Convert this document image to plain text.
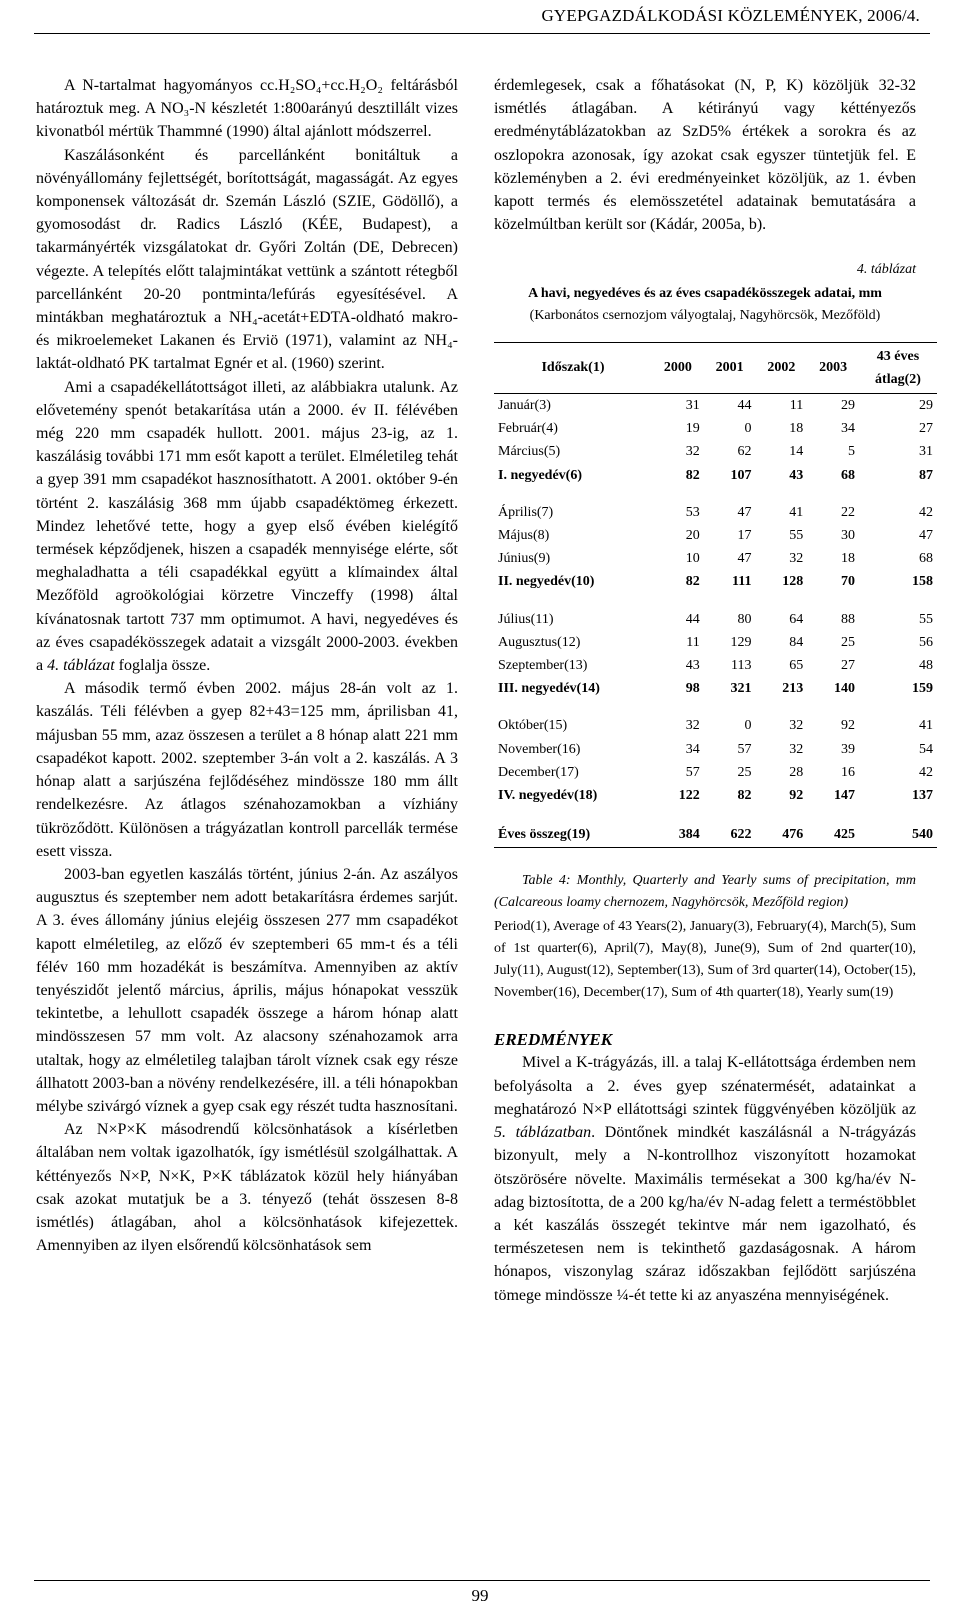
GYEPGAZDÁLKODÁSI KÖZLEMÉNYEK, 2006/4.

A N-tartalmat hagyományos cc.H₂SO₄+cc.H₂O₂ feltárásból határoztuk meg. A NO₃-N készletét 1:800arányú desztillált vizes kivonatból mértük Thammné (1990) által ajánlott módszerrel.

Kaszálásonként és parcellánként bonitáltuk a növényállomány fejlettségét, borítottságát, magasságát. Az egyes komponensek változását dr. Szemán László (SZIE, Gödöllő), a gyomosodást dr. Radics László (KÉE, Budapest), a takarmányérték vizsgálatokat dr. Győri Zoltán (DE, Debrecen) végezte. A telepítés előtt talajmintákat vettünk a szántott rétegből parcellánként 20-20 pontminta/lefúrás egyesítésével. A mintákban meghatároztuk a NH₄-acetát+EDTA-oldható makro- és mikroelemeket Lakanen és Erviö (1971), valamint az NH₄-laktát-oldható PK tartalmat Egnér et al. (1960) szerint.

Ami a csapadékellátottságot illeti, az alábbiakra utalunk. Az elővetemény spenót betakarítása után a 2000. év II. félévében még 220 mm csapadék hullott. 2001. május 23-ig, az 1. kaszálásig további 171 mm esőt kapott a terület. Elméletileg tehát a gyep 391 mm csapadékot hasznosíthatott. A 2001. október 9-én történt 2. kaszálásig 368 mm újabb csapadéktömeg érkezett. Mindez lehetővé tette, hogy a gyep első évében kielégítő termések képződjenek, hiszen a csapadék mennyisége elérte, sőt meghaladhatta a téli csapadékkal együtt a klímaindex által Mezőföld agroökológiai körzetre Vinczeffy (1998) által kívánatosnak tartott 737 mm optimumot. A havi, negyedéves és az éves csapadékösszegek adatait a vizsgált 2000-2003. években a 4. táblázat foglalja össze.

A második termő évben 2002. május 28-án volt az 1. kaszálás. Téli félévben a gyep 82+43=125 mm, áprilisban 41, májusban 55 mm, azaz összesen a terület a 8 hónap alatt 221 mm csapadékot kapott. 2002. szeptember 3-án volt a 2. kaszálás. A 3 hónap alatt a sarjúszéna fejlődéséhez mindössze 180 mm állt rendelkezésre. Az átlagos szénahozamokban a vízhiány tükröződött. Különösen a trágyázatlan kontroll parcellák termése esett vissza.

2003-ban egyetlen kaszálás történt, június 2-án. Az aszályos augusztus és szeptember nem adott betakarításra érdemes sarjút. A 3. éves állomány június elejéig összesen 277 mm csapadékot kapott elméletileg, az előző év szeptemberi 65 mm-t és a téli félév 160 mm hozadékát is beszámítva. Amennyiben az aktív tenyészidőt jelentő március, április, május hónapokat vesszük tekintetbe, a lehullott csapadék összege a három hónap alatt mindösszesen 57 mm volt. Az alacsony szénahozamok arra utaltak, hogy az elméletileg talajban tárolt víznek csak egy része állhatott 2003-ban a növény rendelkezésére, ill. a téli hónapokban mélybe szivárgó víznek a gyep csak egy részét tudta hasznosítani.

Az N×P×K másodrendű kölcsönhatások a kísérletben általában nem voltak igazolhatók, így ismétlésül szolgálhattak. A kéttényezős N×P, N×K, P×K táblázatok közül hely hiányában csak azokat mutatjuk be a 3. tényező (tehát összesen 8-8 ismétlés) átlagában, ahol a kölcsönhatások kifejezettek. Amennyiben az ilyen elsőrendű kölcsönhatások sem

érdemlegesek, csak a főhatásokat (N, P, K) közöljük 32-32 ismétlés átlagában. A kétirányú vagy kéttényezős eredménytáblázatokban az SzD5% értékek a sorokra és az oszlopokra azonosak, így azokat csak egyszer tüntetjük fel. E közleményben a 2. évi eredményeinket közöljük, az 1. évben kapott termés és elemösszetétel adatainak bemutatására a közelmúltban került sor (Kádár, 2005a, b).

4. táblázat
A havi, negyedéves és az éves csapadékösszegek adatai, mm
(Karbonátos csernozjom vályogtalaj, Nagyhörcsök, Mezőföld)
Időszak(1)	2000	2001	2002	2003	43 éves átlag(2)
Január(3)	31	44	11	29	29
Február(4)	19	0	18	34	27
Március(5)	32	62	14	5	31
I. negyedév(6)	82	107	43	68	87

Április(7)	53	47	41	22	42
Május(8)	20	17	55	30	47
Június(9)	10	47	32	18	68
II. negyedév(10)	82	111	128	70	158

Július(11)	44	80	64	88	55
Augusztus(12)	11	129	84	25	56
Szeptember(13)	43	113	65	27	48
III. negyedév(14)	98	321	213	140	159

Október(15)	32	0	32	92	41
November(16)	34	57	32	39	54
December(17)	57	25	28	16	42
IV. negyedév(18)	122	82	92	147	137

Éves összeg(19)	384	622	476	425	540
Table 4: Monthly, Quarterly and Yearly sums of precipitation, mm (Calcareous loamy chernozem, Nagyhörcsök, Mezőföld region)
Period(1), Average of 43 Years(2), January(3), February(4), March(5), Sum of 1st quarter(6), April(7), May(8), June(9), Sum of 2nd quarter(10), July(11), August(12), September(13), Sum of 3rd quarter(14), October(15), November(16), December(17), Sum of 4th quarter(18), Yearly sum(19)
EREDMÉNYEK

Mivel a K-trágyázás, ill. a talaj K-ellátottsága érdemben nem befolyásolta a 2. éves gyep szénatermését, adatainkat a meghatározó N×P ellátottsági szintek függvényében közöljük az 5. táblázatban. Döntőnek mindkét kaszálásnál a N-trágyázás bizonyult, mely a N-kontrollhoz viszonyított hozamokat ötszörösére növelte. Maximális termésekat a 300 kg/ha/év N-adag biztosította, de a 200 kg/ha/év N-adag felett a terméstöbblet a két kaszálás összegét tekintve már nem igazolható, és természetesen nem is tekinthető gazdaságosnak. A három hónapos, viszonylag száraz időszakban fejlődött sarjúszéna tömege mindössze ¼-ét tette ki az anyaszéna mennyiségének.

99
